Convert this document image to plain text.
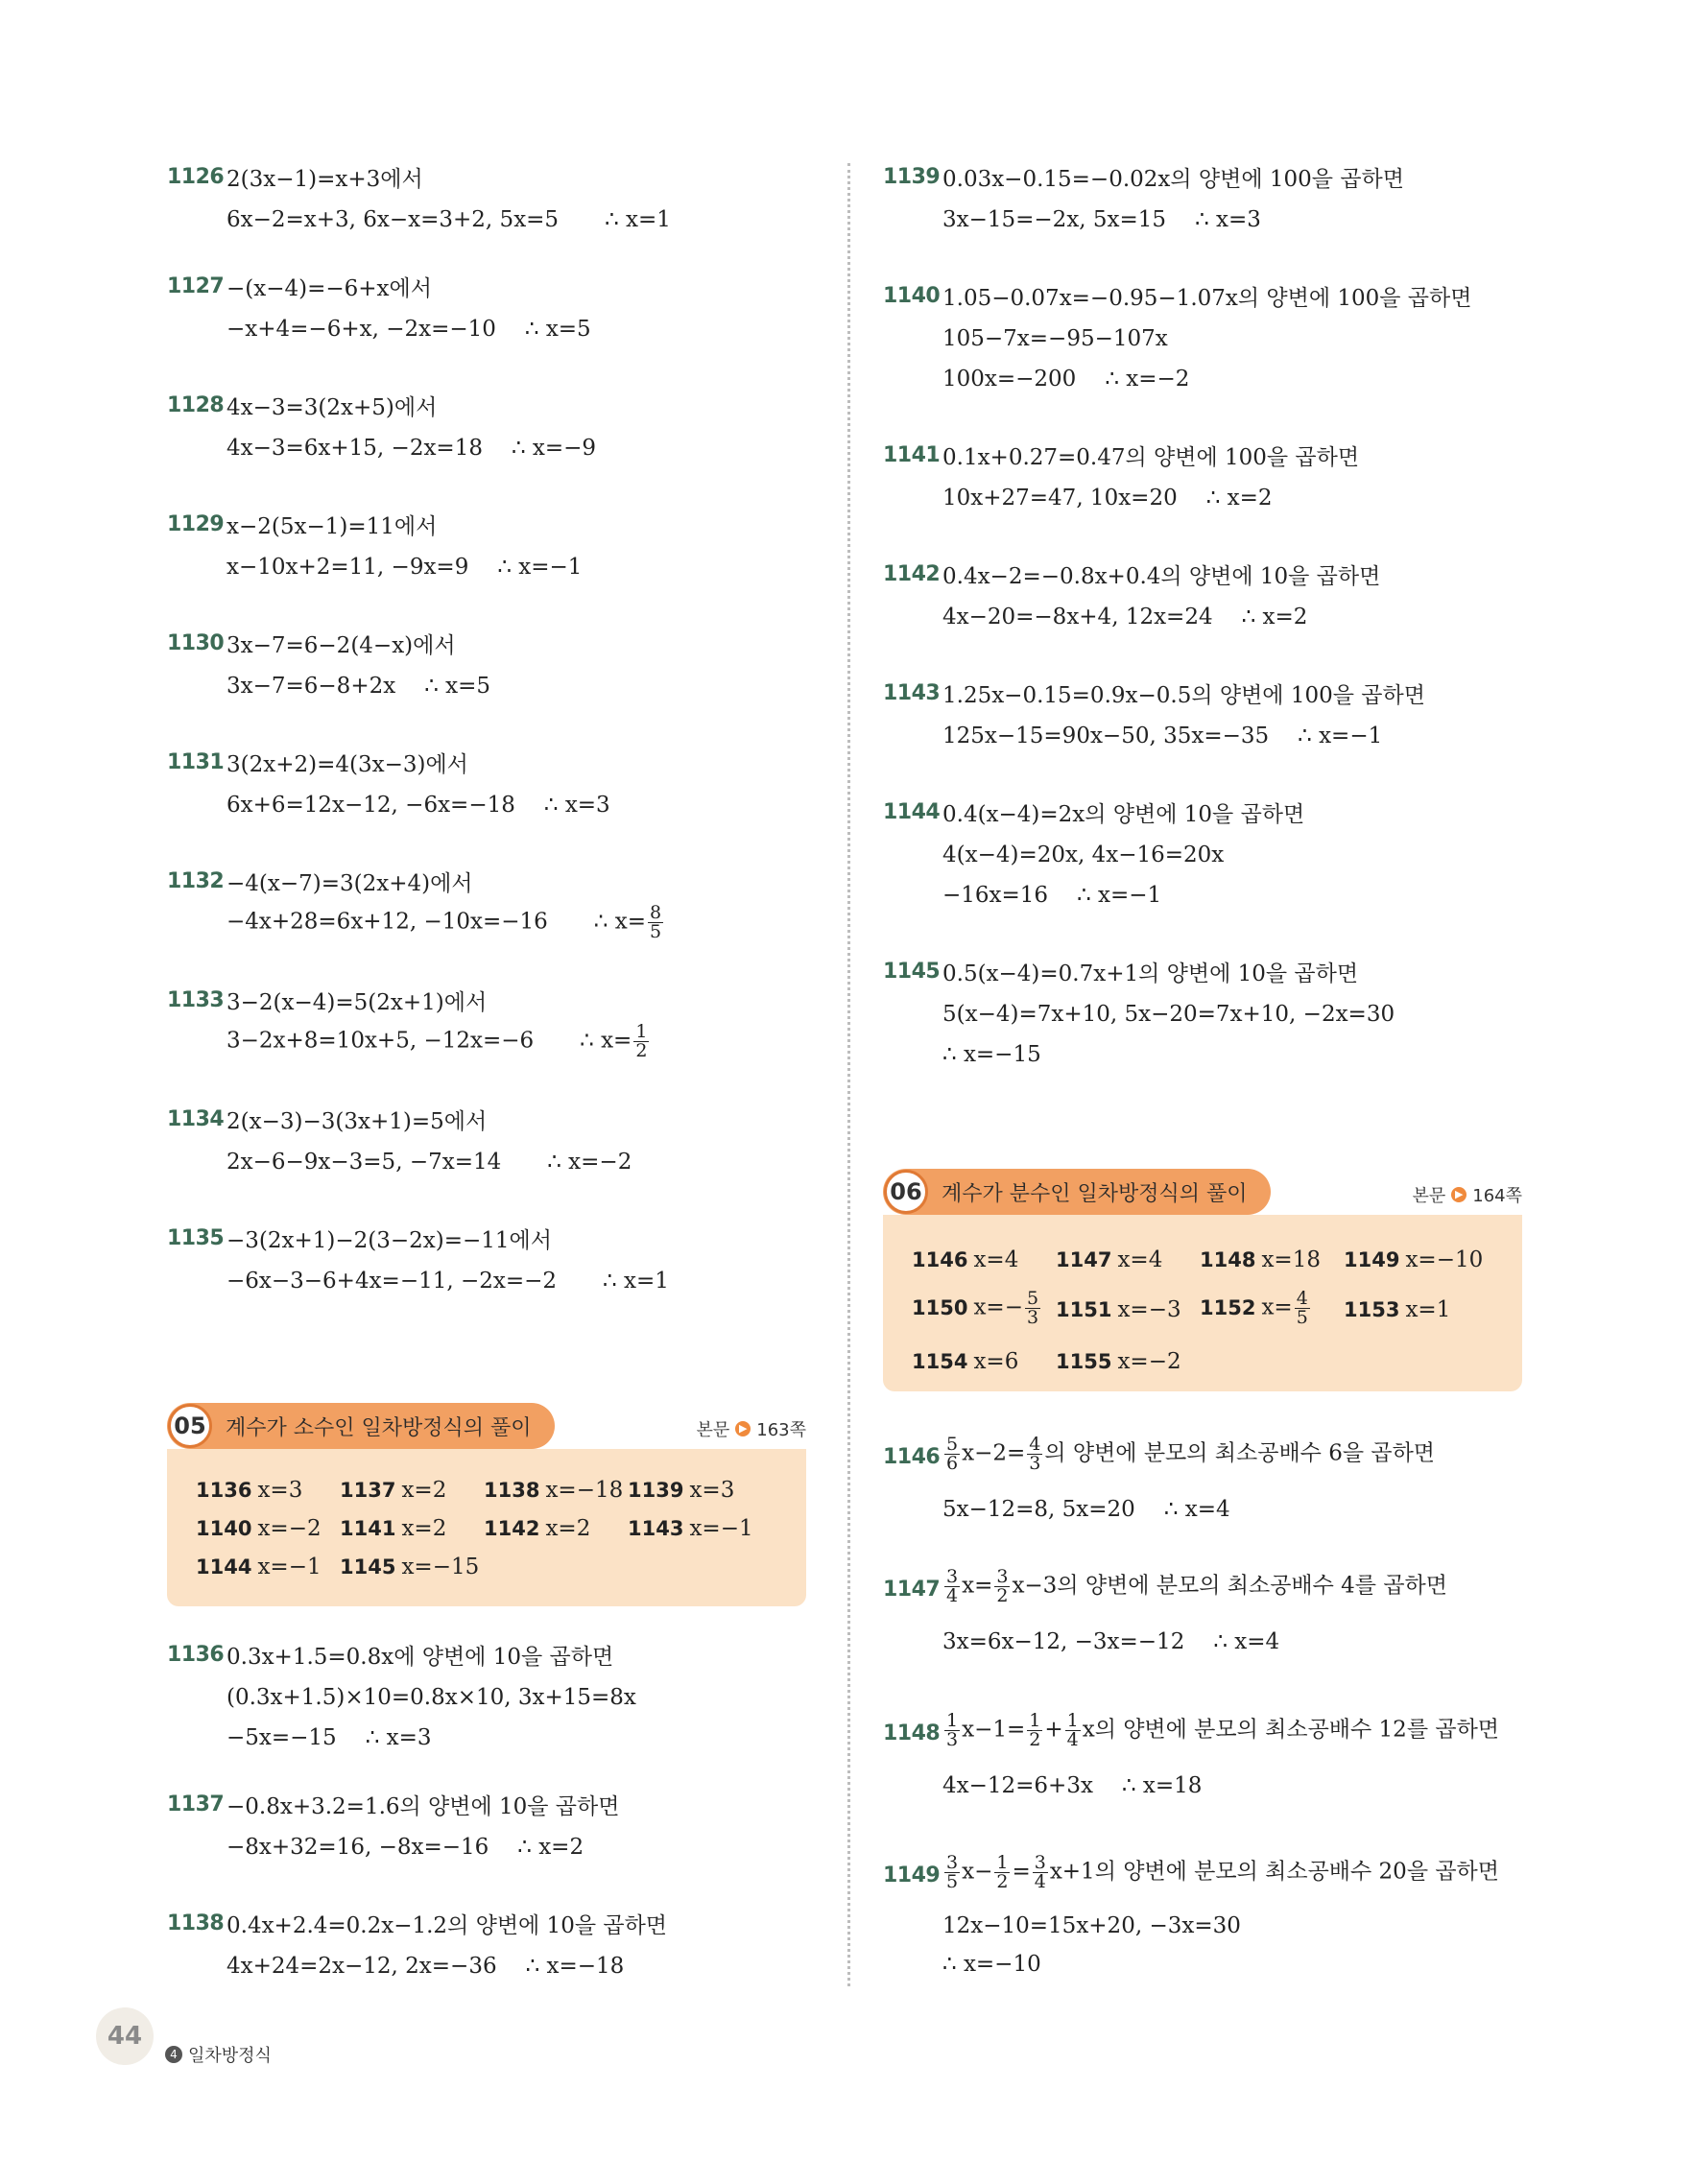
1126 2(3x−1)=x+3에서
6x−2=x+3, 6x−x=3+2, 5x=5 ∴ x=1
1127 −(x−4)=−6+x에서
−x+4=−6+x, −2x=−10 ∴ x=5
1128 4x−3=3(2x+5)에서
4x−3=6x+15, −2x=18 ∴ x=−9
1129 x−2(5x−1)=11에서
x−10x+2=11, −9x=9 ∴ x=−1
1130 3x−7=6−2(4−x)에서
3x−7=6−8+2x ∴ x=5
1131 3(2x+2)=4(3x−3)에서
6x+6=12x−12, −6x=−18 ∴ x=3
1132 −4(x−7)=3(2x+4)에서
−4x+28=6x+12, −10x=−16 ∴ $x= \frac{8}{5}$
1133 3−2(x−4)=5(2x+1)에서
3−2x+8=10x+5, −12x=−6 ∴ $x= \frac{1}{2}$
1134 2(x−3)−3(3x+1)=5에서
2x−6−9x−3=5, −7x=14 ∴ x=−2
1135 −3(2x+1)−2(3−2x)=−11에서
−6x−3−6+4x=−11, −2x=−2 ∴ x=1
05 계수가 소수인 일차방정식의 풀이	본문 ▶ 163쪽
1136 x=3 1137 x=2 1138 x=−18 1139 x=3
1140 x=−2 1141 x=2 1142 x=2 1143 x=−1
1144 x=−1 1145 x=−15
1136 0.3x+1.5=0.8x에 양변에 10을 곱하면
(0.3x+1.5)×10=0.8x×10, 3x+15=8x
−5x=−15 ∴ x=3
1137 −0.8x+3.2=1.6의 양변에 10을 곱하면
−8x+32=16, −8x=−16 ∴ x=2
1138 0.4x+2.4=0.2x−1.2의 양변에 10을 곱하면
4x+24=2x−12, 2x=−36 ∴ x=−18
1139 0.03x−0.15=−0.02x의 양변에 100을 곱하면
3x−15=−2x, 5x=15 ∴ x=3
1140 1.05−0.07x=−0.95−1.07x의 양변에 100을 곱하면
105−7x=−95−107x
100x=−200 ∴ x=−2
1141 0.1x+0.27=0.47의 양변에 100을 곱하면
10x+27=47, 10x=20 ∴ x=2
1142 0.4x−2=−0.8x+0.4의 양변에 10을 곱하면
4x−20=−8x+4, 12x=24 ∴ x=2
1143 1.25x−0.15=0.9x−0.5의 양변에 100을 곱하면
125x−15=90x−50, 35x=−35 ∴ x=−1
1144 0.4(x−4)=2x의 양변에 10을 곱하면
4(x−4)=20x, 4x−16=20x
−16x=16 ∴ x=−1
1145 0.5(x−4)=0.7x+1의 양변에 10을 곱하면
5(x−4)=7x+10, 5x−20=7x+10, −2x=30
∴ x=−15
06 계수가 분수인 일차방정식의 풀이	본문 ▶ 164쪽
1146 x=4 1147 x=4 1148 x=18 1149 x=−10
1150 $x=- \frac{5}{3} 1151$ x=−3 1152 $x= \frac{4}{5} 1153$ x=1
1154 x=6 1155 x=−2
$1146 \frac{5}{6} x-2= \frac{4}{3}$ 의 양변에 분모의 최소공배수 6을 곱하면
5x−12=8, 5x=20 ∴ x=4
$1147 \frac{3}{4} x= \frac{3}{2} x-3$의 양변에 분모의 최소공배수 4를 곱하면
3x=6x−12, −3x=−12 ∴ x=4
$1148 \frac{1}{3} x-1= \frac{1}{2} + \frac{1}{4}$ x의 양변에 분모의 최소공배수 12를 곱하면
4x−12=6+3x ∴ x=18
$1149 \frac{3}{5} x- \frac{1}{2} = \frac{3}{4} x+1$의 양변에 분모의 최소공배수 20을 곱하면
12x−10=15x+20, −3x=30
∴ x=−10
44
4 일차방정식
